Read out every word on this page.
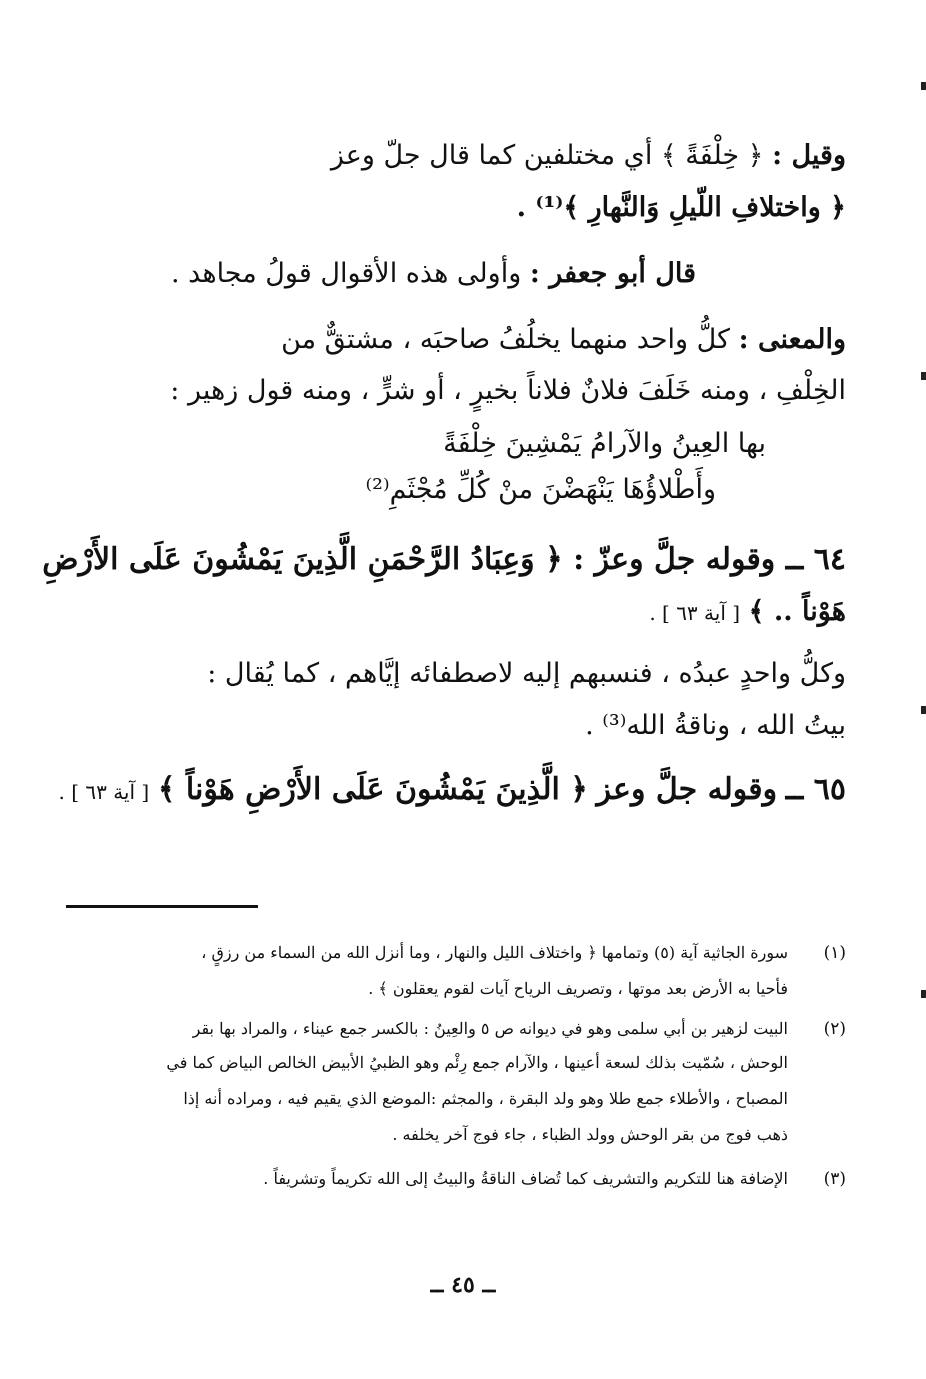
وقيل : ﴿ خِلْفَةً ﴾ أي مختلفين كما قال جلّ وعز
﴿ واختلافِ اللّيلِ وَالنَّهارِ ﴾⁽¹⁾ .
قال أبو جعفر : وأولى هذه الأقوال قولُ مجاهد .
والمعنى : كلُّ واحد منهما يخلُفُ صاحبَه ، مشتقٌّ من
الخِلْفِ ، ومنه خَلَفَ فلانٌ فلاناً بخيرٍ ، أو شرٍّ ، ومنه قول زهير :
بها العِينُ والآرامُ يَمْشِينَ خِلْفَةً
وأَطْلاؤُهَا يَنْهَضْنَ منْ كُلِّ مُجْثَمِ⁽²⁾
٦٤ ــ وقوله جلَّ وعزّ : ﴿ وَعِبَادُ الرَّحْمَنِ الَّذِينَ يَمْشُونَ عَلَى الأَرْضِ
هَوْناً .. ﴾ [ آية ٦٣ ] .
وكلُّ واحدٍ عبدُه ، فنسبهم إليه لاصطفائه إيَّاهم ، كما يُقال :
بيتُ الله ، وناقةُ الله⁽³⁾ .
٦٥ ــ وقوله جلَّ وعز ﴿ الَّذِينَ يَمْشُونَ عَلَى الأَرْضِ هَوْناً ﴾ [ آية ٦٣ ] .
(١)
سورة الجاثية آية (٥) وتمامها ﴿ واختلاف الليل والنهار ، وما أنزل الله من السماء من رزقٍ ،
فأحيا به الأرض بعد موتها ، وتصريف الرياح آيات لقوم يعقلون ﴾ .
(٢)
البيت لزهير بن أبي سلمى وهو في ديوانه ص ٥ والعِينُ : بالكسر جمع عيناء ، والمراد بها بقر
الوحش ، سُمّيت بذلك لسعة أعينها ، والآرام جمع رِئْم وهو الظبيُ الأبيض الخالص البياض كما في
المصباح ، والأطلاء جمع طلا وهو ولد البقرة ، والمجثم :الموضع الذي يقيم فيه ، ومراده أنه إذا
ذهب فوج من بقر الوحش وولد الظباء ، جاء فوج آخر يخلفه .
(٣)
الإضافة هنا للتكريم والتشريف كما تُضاف الناقةُ والبيتُ إلى الله تكريماً وتشريفاً .
ــ ٤٥ ــ
